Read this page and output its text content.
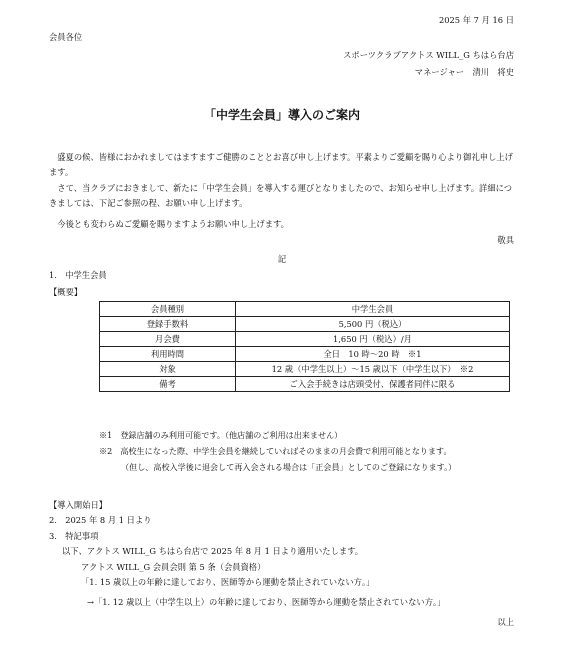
2025 年 7 月 16 日
会員各位
スポーツクラブアクトス WILL_G ちはら台店
マネージャー　清川　将史
「中学生会員」導入のご案内
盛夏の候、皆様におかれましてはますますご健勝のこととお喜び申し上げます。平素よりご愛顧を賜り心より御礼申し上げます。
さて、当クラブにおきまして、新たに「中学生会員」を導入する運びとなりましたので、お知らせ申し上げます。詳細につきましては、下記ご参照の程、お願い申し上げます。
今後とも変わらぬご愛顧を賜りますようお願い申し上げます。
敬具
記
1.　中学生会員
【概要】
会員種別	中学生会員
登録手数料	5,500 円（税込）
月会費	1,650 円（税込）/月
利用時間	全日　10 時〜20 時　※1
対象	12 歳（中学生以上）〜15 歳以下（中学生以下）　※2
備考	ご入会手続きは店頭受付、保護者同伴に限る
※1　登録店舗のみ利用可能です。（他店舗のご利用は出来ません）
※2　高校生になった際、中学生会員を継続していればそのままの月会費で利用可能となります。
（但し、高校入学後に退会して再入会される場合は「正会員」としてのご登録になります。）
【導入開始日】
2.　2025 年 8 月 1 日より
3.　特記事項
以下、アクトス WILL_G ちはら台店で 2025 年 8 月 1 日より適用いたします。
アクトス WILL_G 会員会則 第 5 条（会員資格）
「1. 15 歳以上の年齢に達しており、医師等から運動を禁止されていない方。」
→「1. 12 歳以上（中学生以上）の年齢に達しており、医師等から運動を禁止されていない方。」
以上
